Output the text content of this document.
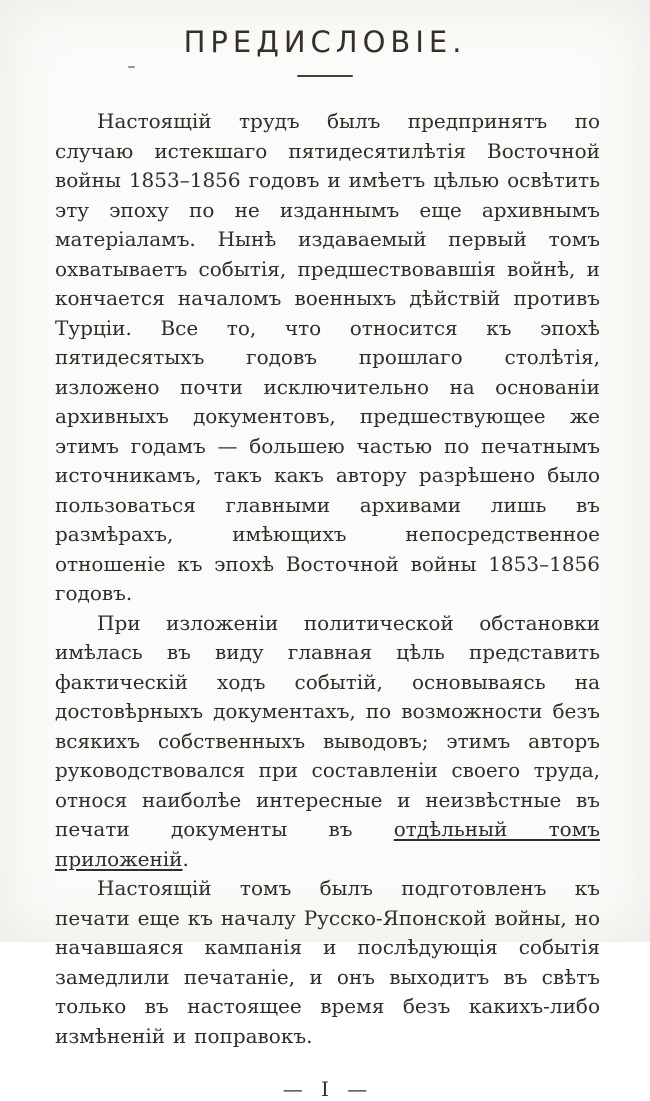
ПРЕДИСЛОВІЕ.

Настоящій трудъ былъ предпринятъ по случаю истекшаго пятидесятилѣтія Восточной войны 1853–1856 годовъ и имѣетъ цѣлью освѣтить эту эпоху по не изданнымъ еще архивнымъ матеріаламъ. Нынѣ издаваемый первый томъ охватываетъ событія, предшествовавшія войнѣ, и кончается началомъ военныхъ дѣйствій противъ Турціи. Все то, что относится къ эпохѣ пятидесятыхъ годовъ прошлаго столѣтія, изложено почти исключительно на основаніи архивныхъ документовъ, предшествующее же этимъ годамъ — большею частью по печатнымъ источникамъ, такъ какъ автору разрѣшено было пользоваться главными архивами лишь въ размѣрахъ, имѣющихъ непосредственное отношеніе къ эпохѣ Восточной войны 1853–1856 годовъ.

При изложеніи политической обстановки имѣлась въ виду главная цѣль представить фактическій ходъ событій, основываясь на достовѣрныхъ документахъ, по возможности безъ всякихъ собственныхъ выводовъ; этимъ авторъ руководствовался при составленіи своего труда, относя наиболѣе интересные и неизвѣстные въ печати документы въ отдѣльный томъ приложеній.

Настоящій томъ былъ подготовленъ къ печати еще къ началу Русско-Японской войны, но начавшаяся кампанія и послѣдующія событія замедлили печатаніе, и онъ выходитъ въ свѣтъ только въ настоящее время безъ какихъ-либо измѣненій и поправокъ.

— I —
